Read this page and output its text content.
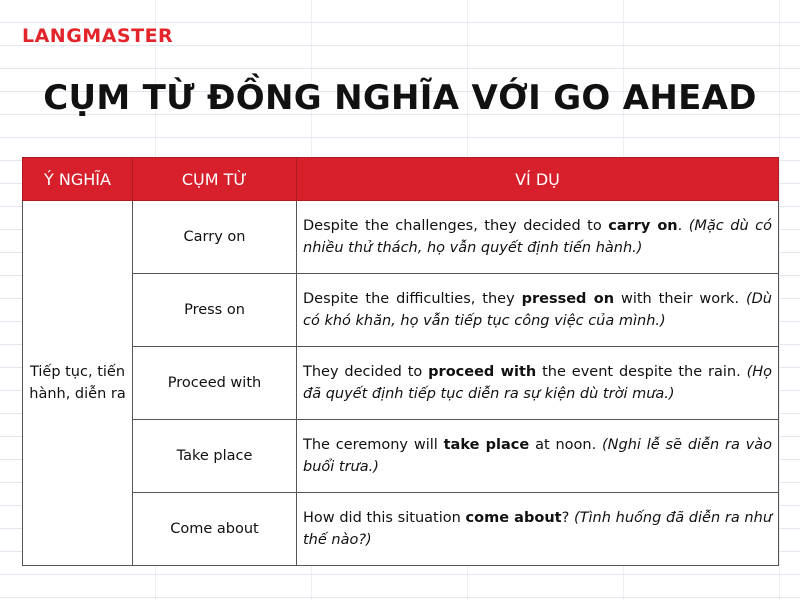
LANGMASTER
CỤM TỪ ĐỒNG NGHĨA VỚI GO AHEAD
Ý NGHĨA	CỤM TỪ	VÍ DỤ
Tiếp tục, tiến hành, diễn ra	Carry on	Despite the challenges, they decided to carry on. (Mặc dù có nhiều thử thách, họ vẫn quyết định tiến hành.)
	Press on	Despite the difficulties, they pressed on with their work. (Dù có khó khăn, họ vẫn tiếp tục công việc của mình.)
	Proceed with	They decided to proceed with the event despite the rain. (Họ đã quyết định tiếp tục diễn ra sự kiện dù trời mưa.)
	Take place	The ceremony will take place at noon. (Nghi lễ sẽ diễn ra vào buổi trưa.)
	Come about	How did this situation come about? (Tình huống đã diễn ra như thế nào?)
